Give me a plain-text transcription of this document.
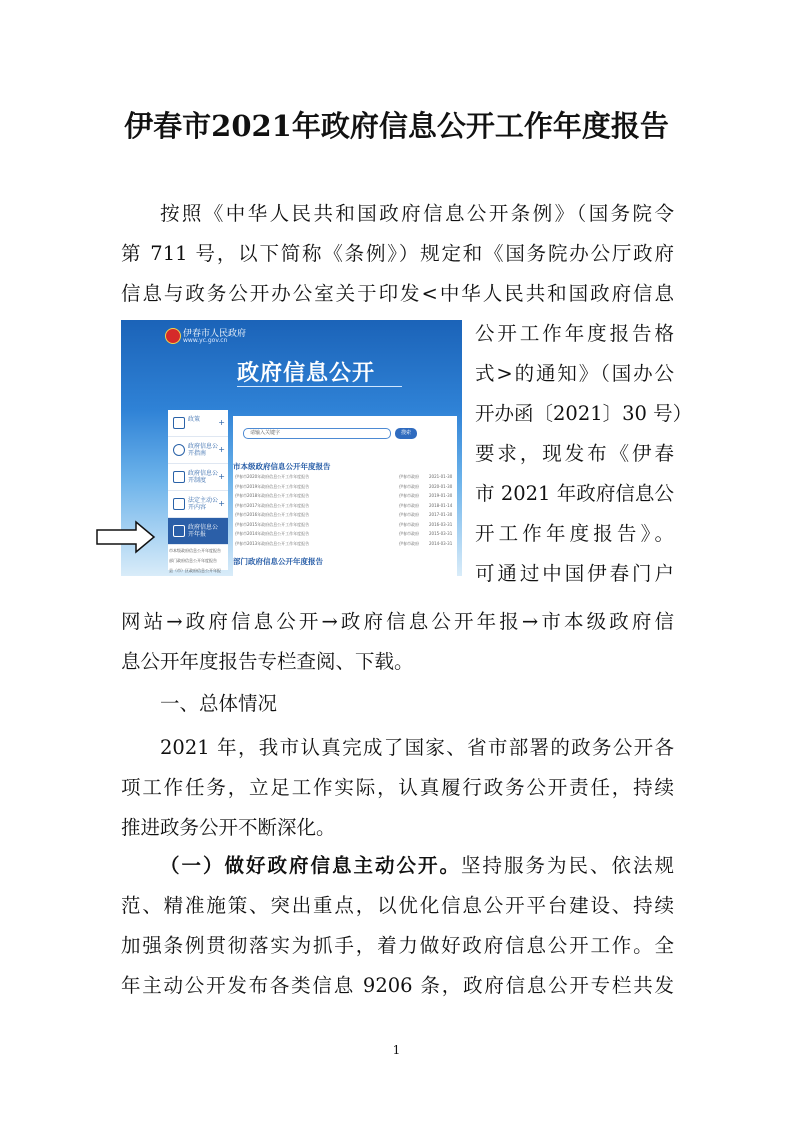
伊春市2021年政府信息公开工作年度报告
按照《中华人民共和国政府信息公开条例》（国务院令
第 711 号，以下简称《条例》）规定和《国务院办公厅政府
信息与政务公开办公室关于印发<中华人民共和国政府信息
伊春市人民政府
www.yc.gov.cn
政府信息公开
政策	+
政府信息公开指南	+
政府信息公开制度	+
法定主动公开内容	+
政府信息公开年报
市本级政府信息公开年度报告
部门政府信息公开年度报告
县（市）区政府信息公开年报
请输入关键字	搜索
市本级政府信息公开年度报告
伊春市2020年政府信息公开工作年度报告	伊春市政府	2021-01-30
伊春市2019年政府信息公开工作年度报告	伊春市政府	2020-01-30
伊春市2018年政府信息公开工作年度报告	伊春市政府	2019-01-30
伊春市2017年政府信息公开工作年度报告	伊春市政府	2018-01-14
伊春市2016年政府信息公开工作年度报告	伊春市政府	2017-01-30
伊春市2015年政府信息公开工作年度报告	伊春市政府	2016-03-31
伊春市2014年政府信息公开工作年度报告	伊春市政府	2015-03-31
伊春市2013年政府信息公开工作年度报告	伊春市政府	2014-03-31
部门政府信息公开年度报告
公开工作年度报告格
式>的通知》（国办公
开办函〔2021〕30 号）
要求，现发布《伊春
市 2021 年政府信息公
开工作年度报告》。
可通过中国伊春门户
网站→政府信息公开→政府信息公开年报→市本级政府信
息公开年度报告专栏查阅、下载。
一、总体情况
2021 年，我市认真完成了国家、省市部署的政务公开各
项工作任务，立足工作实际，认真履行政务公开责任，持续
推进政务公开不断深化。
（一）做好政府信息主动公开。坚持服务为民、依法规
范、精准施策、突出重点，以优化信息公开平台建设、持续
加强条例贯彻落实为抓手，着力做好政府信息公开工作。全
年主动公开发布各类信息 9206 条，政府信息公开专栏共发
1
